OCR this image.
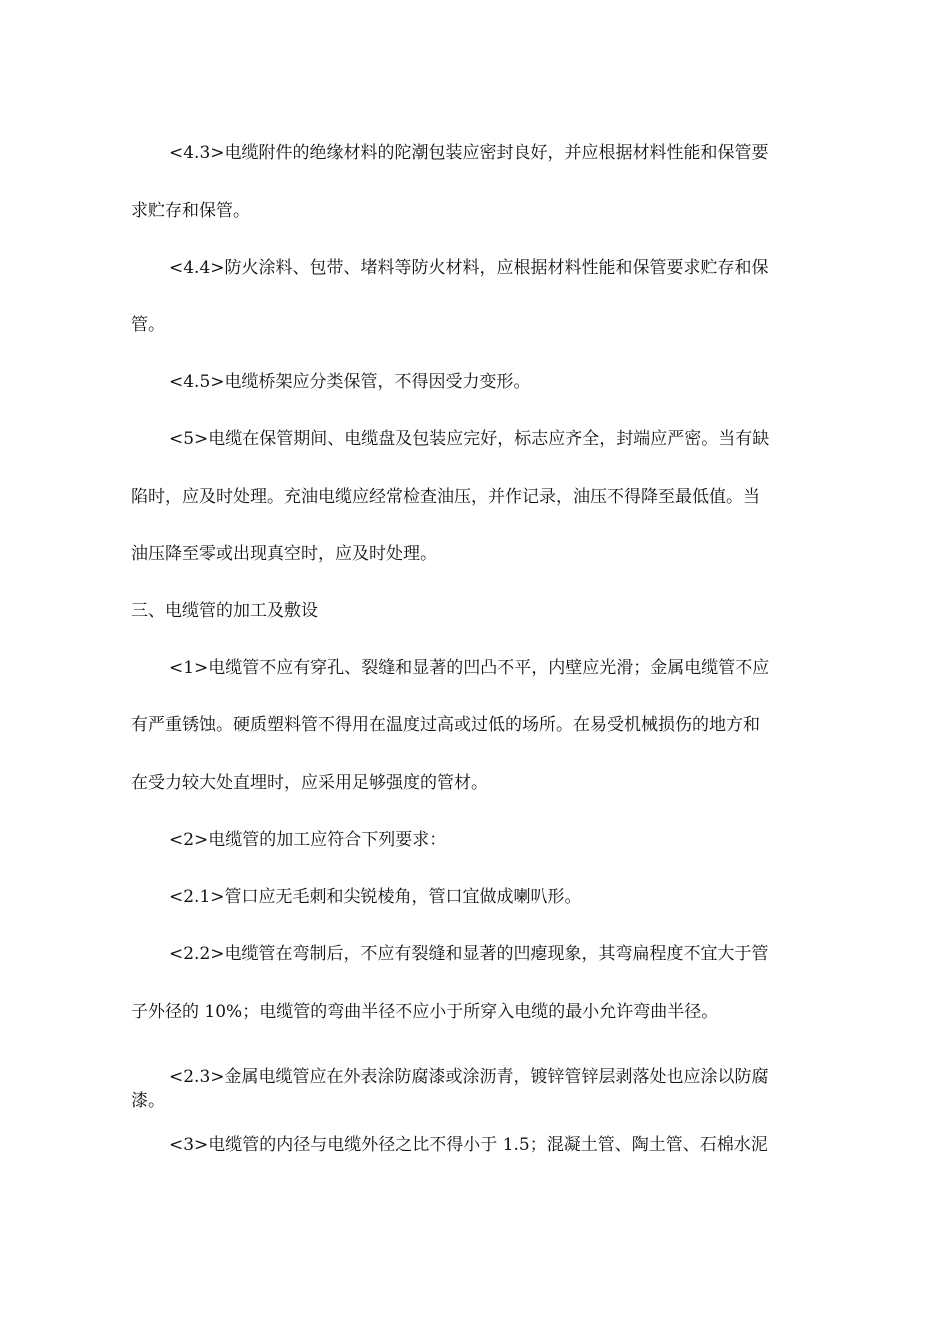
<4.3>电缆附件的绝缘材料的陀潮包装应密封良好，并应根据材料性能和保管要
求贮存和保管。
<4.4>防火涂料、包带、堵料等防火材料，应根据材料性能和保管要求贮存和保
管。
<4.5>电缆桥架应分类保管，不得因受力变形。
<5>电缆在保管期间、电缆盘及包装应完好，标志应齐全，封端应严密。当有缺
陷时，应及时处理。充油电缆应经常检查油压，并作记录，油压不得降至最低值。当
油压降至零或出现真空时，应及时处理。
三、电缆管的加工及敷设
<1>电缆管不应有穿孔、裂缝和显著的凹凸不平，内壁应光滑；金属电缆管不应
有严重锈蚀。硬质塑料管不得用在温度过高或过低的场所。在易受机械损伤的地方和
在受力较大处直埋时，应采用足够强度的管材。
<2>电缆管的加工应符合下列要求：
<2.1>管口应无毛刺和尖锐棱角，管口宜做成喇叭形。
<2.2>电缆管在弯制后，不应有裂缝和显著的凹瘪现象，其弯扁程度不宜大于管
子外径的 10%；电缆管的弯曲半径不应小于所穿入电缆的最小允许弯曲半径。
<2.3>金属电缆管应在外表涂防腐漆或涂沥青，镀锌管锌层剥落处也应涂以防腐
漆。
<3>电缆管的内径与电缆外径之比不得小于 1.5；混凝土管、陶土管、石棉水泥
